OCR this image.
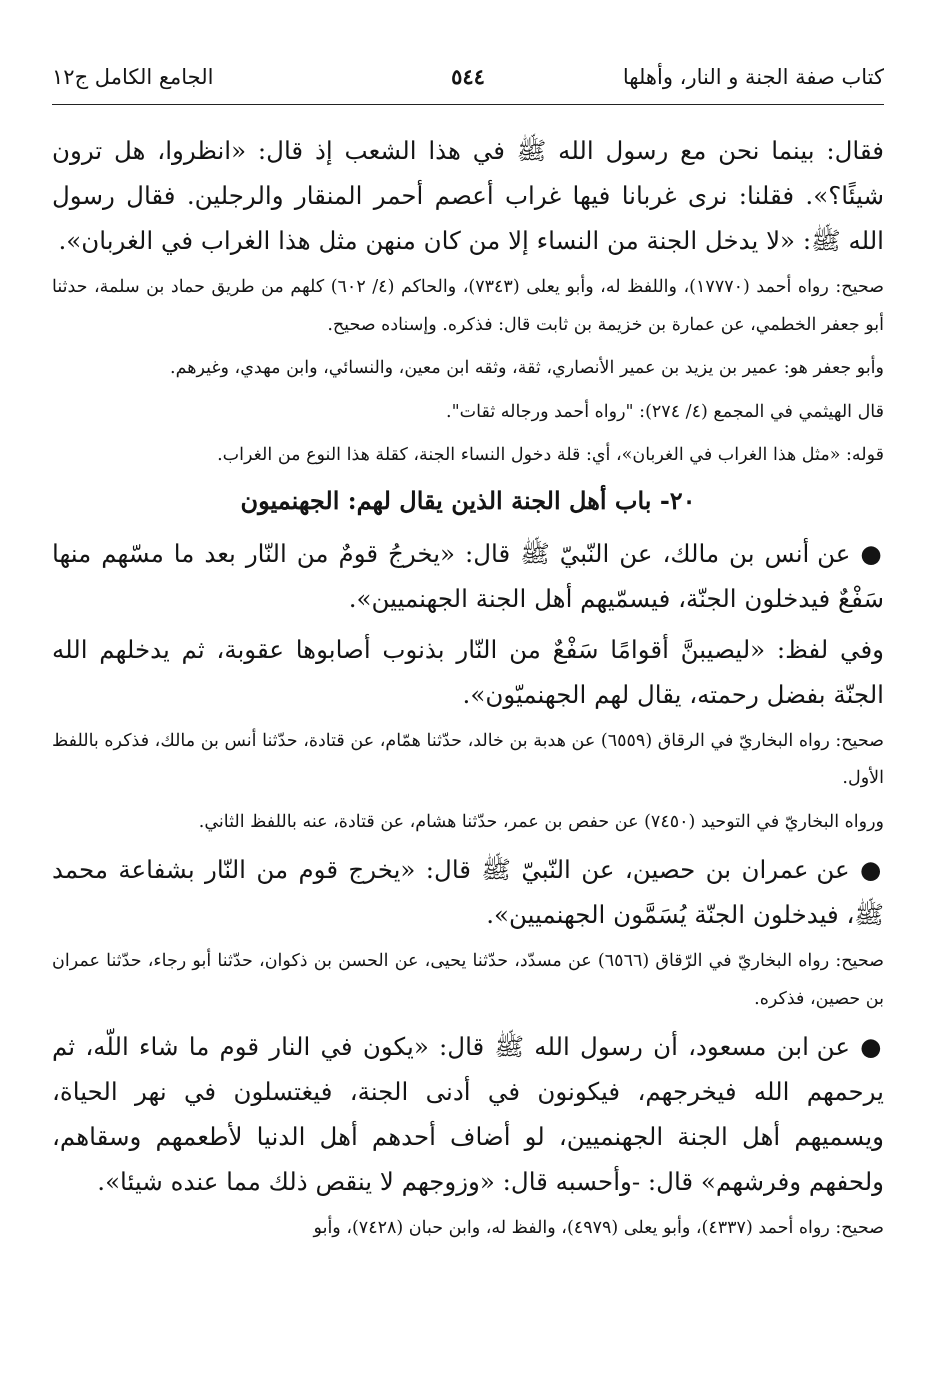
كتاب صفة الجنة و النار، وأهلها
٥٤٤
الجامع الكامل ج١٢

فقال: بينما نحن مع رسول الله ﷺ في هذا الشعب إذ قال: «انظروا، هل ترون شيئًا؟». فقلنا: نرى غربانا فيها غراب أعصم أحمر المنقار والرجلين. فقال رسول الله ﷺ: «لا يدخل الجنة من النساء إلا من كان منهن مثل هذا الغراب في الغربان».

صحيح: رواه أحمد (١٧٧٧٠)، واللفظ له، وأبو يعلى (٧٣٤٣)، والحاكم (٤/ ٦٠٢) كلهم من طريق حماد بن سلمة، حدثنا أبو جعفر الخطمي، عن عمارة بن خزيمة بن ثابت قال: فذكره. وإسناده صحيح.

وأبو جعفر هو: عمير بن يزيد بن عمير الأنصاري، ثقة، وثقه ابن معين، والنسائي، وابن مهدي، وغيرهم.

قال الهيثمي في المجمع (٤/ ٢٧٤): "رواه أحمد ورجاله ثقات".

قوله: «مثل هذا الغراب في الغربان»، أي: قلة دخول النساء الجنة، كقلة هذا النوع من الغراب.

٢٠- باب أهل الجنة الذين يقال لهم: الجهنميون

● عن أنس بن مالك، عن النّبيّ ﷺ قال: «يخرجُ قومٌ من النّار بعد ما مسّهم منها سَفْعٌ فيدخلون الجنّة، فيسمّيهم أهل الجنة الجهنميين».

وفي لفظ: «ليصيبنَّ أقوامًا سَفْعٌ من النّار بذنوب أصابوها عقوبة، ثم يدخلهم الله الجنّة بفضل رحمته، يقال لهم الجهنميّون».

صحيح: رواه البخاريّ في الرقاق (٦٥٥٩) عن هدبة بن خالد، حدّثنا همّام، عن قتادة، حدّثنا أنس بن مالك، فذكره باللفظ الأول.

ورواه البخاريّ في التوحيد (٧٤٥٠) عن حفص بن عمر، حدّثنا هشام، عن قتادة، عنه باللفظ الثاني.

● عن عمران بن حصين، عن النّبيّ ﷺ قال: «يخرج قوم من النّار بشفاعة محمد ﷺ، فيدخلون الجنّة يُسَمَّون الجهنميين».

صحيح: رواه البخاريّ في الرّقاق (٦٥٦٦) عن مسدّد، حدّثنا يحيى، عن الحسن بن ذكوان، حدّثنا أبو رجاء، حدّثنا عمران بن حصين، فذكره.

● عن ابن مسعود، أن رسول الله ﷺ قال: «يكون في النار قوم ما شاء اللّه، ثم يرحمهم الله فيخرجهم، فيكونون في أدنى الجنة، فيغتسلون في نهر الحياة، ويسميهم أهل الجنة الجهنميين، لو أضاف أحدهم أهل الدنيا لأطعمهم وسقاهم، ولحفهم وفرشهم» قال: -وأحسبه قال: «وزوجهم لا ينقص ذلك مما عنده شيئا».

صحيح: رواه أحمد (٤٣٣٧)، وأبو يعلى (٤٩٧٩)، والفظ له، وابن حبان (٧٤٢٨)، وأبو
